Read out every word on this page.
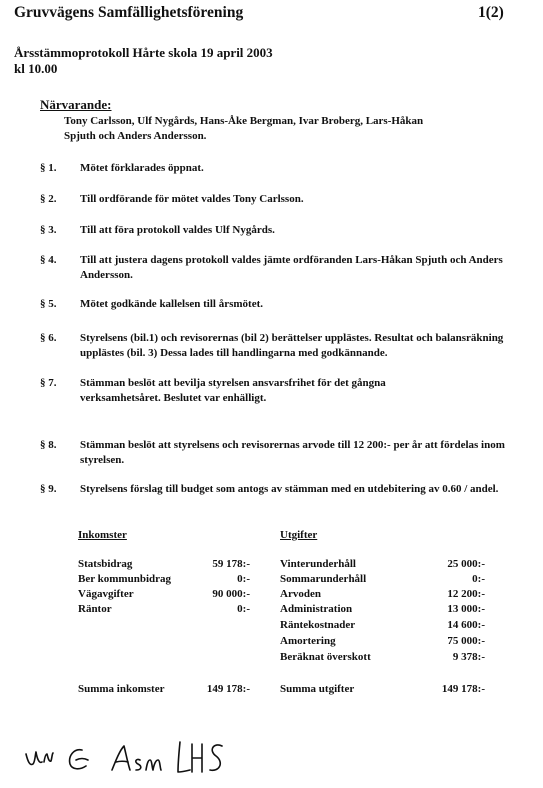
Gruvvägens Samfällighetsförening	1(2)
Årsstämmoprotokoll Hårte skola 19 april 2003
kl 10.00
Närvarande:
Tony Carlsson, Ulf Nygårds, Hans-Åke Bergman, Ivar Broberg, Lars-Håkan
Spjuth och Anders Andersson.
§ 1. Mötet förklarades öppnat.
§ 2. Till ordförande för mötet valdes Tony Carlsson.
§ 3. Till att föra protokoll valdes Ulf Nygårds.
§ 4. Till att justera dagens protokoll valdes jämte ordföranden Lars-Håkan Spjuth och Anders Andersson.
§ 5. Mötet godkände kallelsen till årsmötet.
§ 6. Styrelsens (bil.1) och revisorernas (bil 2) berättelser upplästes. Resultat och balansräkning upplästes (bil. 3) Dessa lades till handlingarna med godkännande.
§ 7. Stämman beslöt att bevilja styrelsen ansvarsfrihet för det gångna verksamhetsåret. Beslutet var enhälligt.
§ 8. Stämman beslöt att styrelsens och revisorernas arvode till 12 200:- per år att fördelas inom styrelsen.
§ 9. Styrelsens förslag till budget som antogs av stämman med en utdebitering av 0.60 / andel.
Inkomster
Statsbidrag	59 178:-
Ber kommunbidrag	0:-
Vägavgifter	90 000:-
Räntor	0:-
Summa inkomster	149 178:-
Utgifter
Vinterunderhåll	25 000:-
Sommarunderhåll	0:-
Arvoden	12 200:-
Administration	13 000:-
Räntekostnader	14 600:-
Amortering	75 000:-
Beräknat överskott	9 378:-
Summa utgifter	149 178:-
